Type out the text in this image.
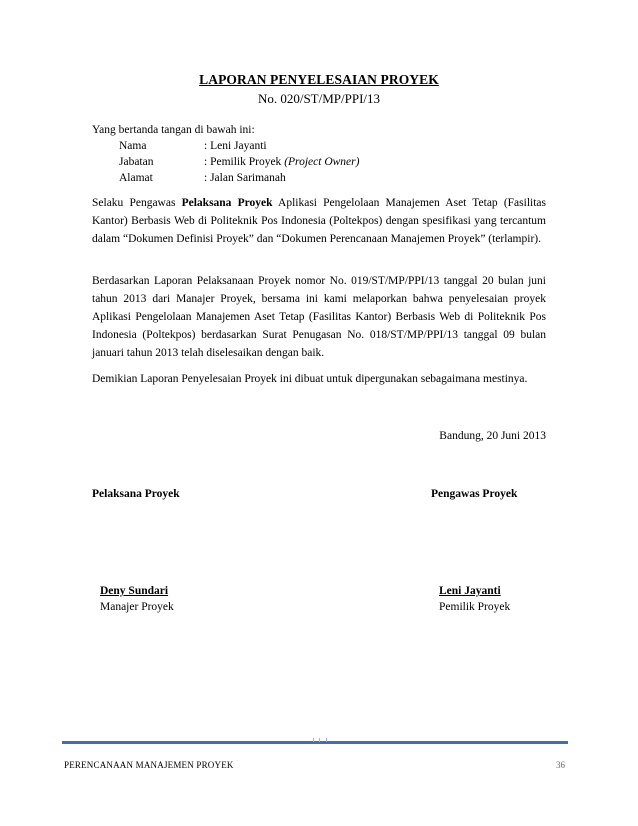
LAPORAN PENYELESAIAN PROYEK
No. 020/ST/MP/PPI/13
Yang bertanda tangan di bawah ini:
Nama	: Leni Jayanti
Jabatan	: Pemilik Proyek (Project Owner)
Alamat	: Jalan Sarimanah
Selaku Pengawas Pelaksana Proyek Aplikasi Pengelolaan Manajemen Aset Tetap (Fasilitas Kantor) Berbasis Web di Politeknik Pos Indonesia (Poltekpos) dengan spesifikasi yang tercantum dalam “Dokumen Definisi Proyek” dan “Dokumen Perencanaan Manajemen Proyek” (terlampir).
Berdasarkan Laporan Pelaksanaan Proyek nomor No. 019/ST/MP/PPI/13 tanggal 20 bulan juni tahun 2013 dari Manajer Proyek, bersama ini kami melaporkan bahwa penyelesaian proyek Aplikasi Pengelolaan Manajemen Aset Tetap (Fasilitas Kantor) Berbasis Web di Politeknik Pos Indonesia (Poltekpos) berdasarkan Surat Penugasan No. 018/ST/MP/PPI/13 tanggal 09 bulan januari tahun 2013 telah diselesaikan dengan baik.
Demikian Laporan Penyelesaian Proyek ini dibuat untuk dipergunakan sebagaimana mestinya.
Bandung, 20 Juni 2013
Pelaksana Proyek	Pengawas Proyek
Deny Sundari
Manajer Proyek
Leni Jayanti
Pemilik Proyek
PERENCANAAN MANAJEMEN PROYEK	36
